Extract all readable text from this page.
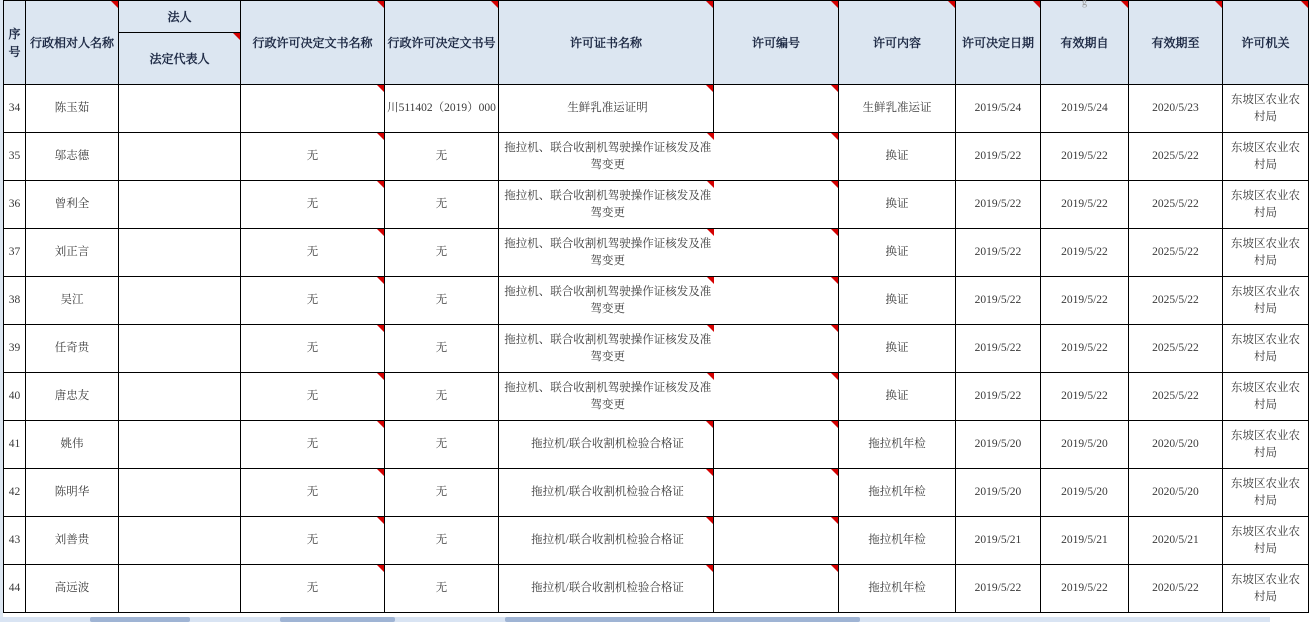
序号	行政相对人名称	法人	行政许可决定文书名称	行政许可决定文书号	许可证书名称	许可编号	许可内容	许可决定日期	有效期自	有效期至	许可机关

		法定代表人									

34	陈玉茹			川511402（2019）000	生鲜乳准运证明		生鲜乳准运证	2019/5/24	2019/5/24	2020/5/23	东坡区农业农村局
35	邬志德		无	无	拖拉机、联合收割机驾驶操作证核发及准驾变更		换证	2019/5/22	2019/5/22	2025/5/22	东坡区农业农村局
36	曾利全		无	无	拖拉机、联合收割机驾驶操作证核发及准驾变更		换证	2019/5/22	2019/5/22	2025/5/22	东坡区农业农村局
37	刘正言		无	无	拖拉机、联合收割机驾驶操作证核发及准驾变更		换证	2019/5/22	2019/5/22	2025/5/22	东坡区农业农村局
38	吴江		无	无	拖拉机、联合收割机驾驶操作证核发及准驾变更		换证	2019/5/22	2019/5/22	2025/5/22	东坡区农业农村局
39	任奇贵		无	无	拖拉机、联合收割机驾驶操作证核发及准驾变更		换证	2019/5/22	2019/5/22	2025/5/22	东坡区农业农村局
40	唐忠友		无	无	拖拉机、联合收割机驾驶操作证核发及准驾变更		换证	2019/5/22	2019/5/22	2025/5/22	东坡区农业农村局
41	姚伟		无	无	拖拉机/联合收割机检验合格证		拖拉机年检	2019/5/20	2019/5/20	2020/5/20	东坡区农业农村局
42	陈明华		无	无	拖拉机/联合收割机检验合格证		拖拉机年检	2019/5/20	2019/5/20	2020/5/20	东坡区农业农村局
43	刘善贵		无	无	拖拉机/联合收割机检验合格证		拖拉机年检	2019/5/21	2019/5/21	2020/5/21	东坡区农业农村局
44	高远波		无	无	拖拉机/联合收割机检验合格证		拖拉机年检	2019/5/22	2019/5/22	2020/5/22	东坡区农业农村局
g
